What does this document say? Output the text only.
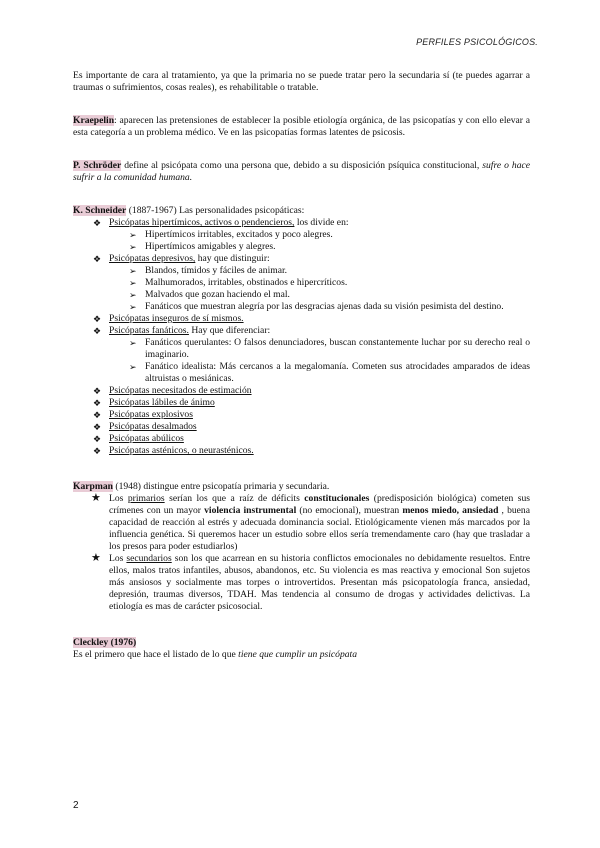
PERFILES PSICOLÓGICOS.

Es importante de cara al tratamiento, ya que la primaria no se puede tratar pero la secundaria sí (te puedes agarrar a traumas o sufrimientos, cosas reales), es rehabilitable o tratable.

Kraepelin: aparecen las pretensiones de establecer la posible etiología orgánica, de las psicopatías y con ello elevar a esta categoría a un problema médico. Ve en las psicopatías formas latentes de psicosis.

P. Schröder define al psicópata como una persona que, debido a su disposición psíquica constitucional, sufre o hace sufrir a la comunidad humana.

K. Schneider (1887-1967) Las personalidades psicopáticas:

❖ Psicópatas hipertímicos, activos o pendencieros, los divide en:
➢ Hipertímicos irritables, excitados y poco alegres.
➢ Hipertímicos amigables y alegres.
❖ Psicópatas depresivos, hay que distinguir:
➢ Blandos, tímidos y fáciles de animar.
➢ Malhumorados, irritables, obstinados e hipercríticos.
➢ Malvados que gozan haciendo el mal.
➢ Fanáticos que muestran alegría por las desgracias ajenas dada su visión pesimista del destino.
❖ Psicópatas inseguros de sí mismos.
❖ Psicópatas fanáticos. Hay que diferenciar:
➢ Fanáticos querulantes: O falsos denunciadores, buscan constantemente luchar por su derecho real o imaginario.
➢ Fanático idealista: Más cercanos a la megalomanía. Cometen sus atrocidades amparados de ideas altruistas o mesiánicas.
❖ Psicópatas necesitados de estimación
❖ Psicópatas lábiles de ánimo
❖ Psicópatas explosivos
❖ Psicópatas desalmados
❖ Psicópatas abúlicos
❖ Psicópatas asténicos, o neurasténicos.

Karpman (1948) distingue entre psicopatía primaria y secundaria.

★ Los primarios serían los que a raíz de déficits constitucionales (predisposición biológica) cometen sus crímenes con un mayor violencia instrumental (no emocional), muestran menos miedo, ansiedad , buena capacidad de reacción al estrés y adecuada dominancia social. Etiológicamente vienen más marcados por la influencia genética. Si queremos hacer un estudio sobre ellos sería tremendamente caro (hay que trasladar a los presos para poder estudiarlos)
★ Los secundarios son los que acarrean en su historia conflictos emocionales no debidamente resueltos. Entre ellos, malos tratos infantiles, abusos, abandonos, etc. Su violencia es mas reactiva y emocional Son sujetos más ansiosos y socialmente mas torpes o introvertidos. Presentan más psicopatología franca, ansiedad, depresión, traumas diversos, TDAH. Mas tendencia al consumo de drogas y actividades delictivas. La etiología es mas de carácter psicosocial.

Cleckley (1976)

Es el primero que hace el listado de lo que tiene que cumplir un psicópata

2
